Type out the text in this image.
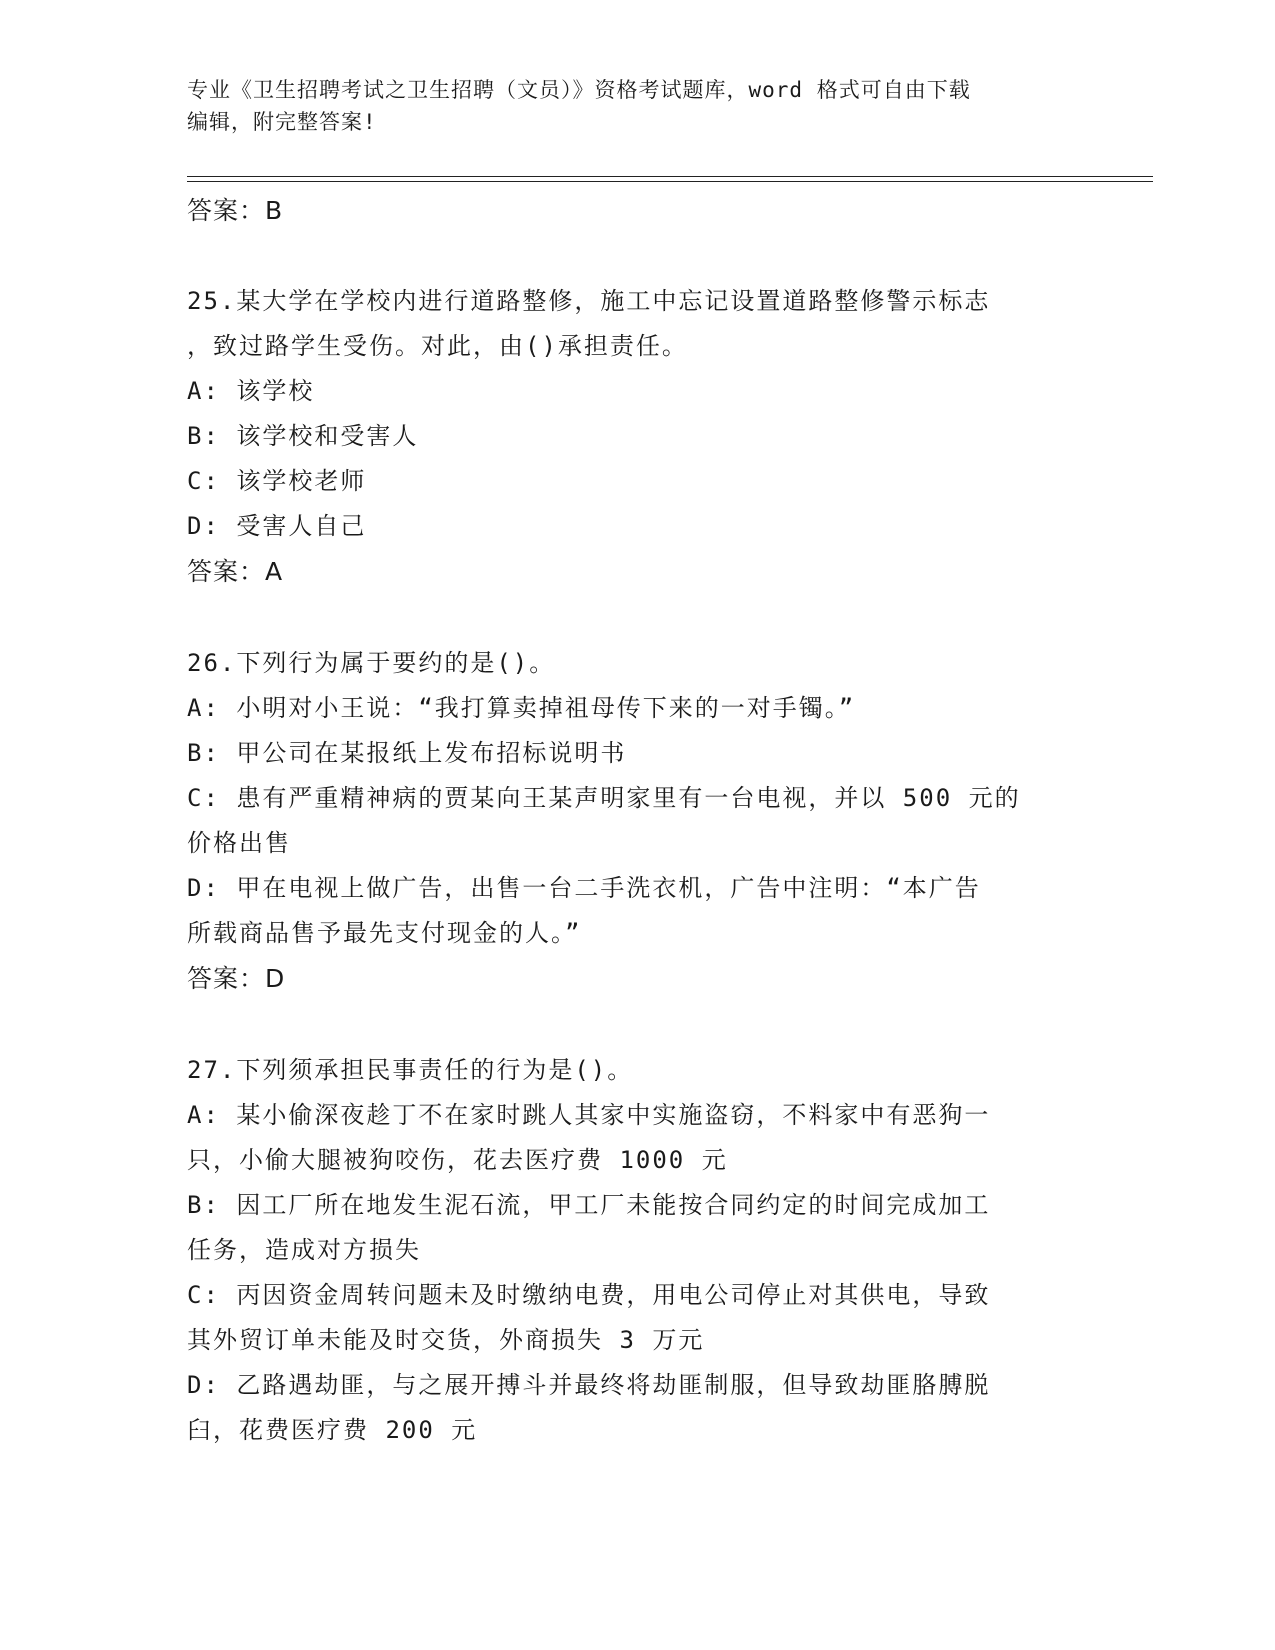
专业《卫生招聘考试之卫生招聘（文员）》资格考试题库，word 格式可自由下载

编辑，附完整答案!

答案：B

25.某大学在学校内进行道路整修，施工中忘记设置道路整修警示标志

，致过路学生受伤。对此，由()承担责任。

A: 该学校

B: 该学校和受害人

C: 该学校老师

D: 受害人自己

答案：A

26.下列行为属于要约的是()。

A: 小明对小王说：“我打算卖掉祖母传下来的一对手镯。”

B: 甲公司在某报纸上发布招标说明书

C: 患有严重精神病的贾某向王某声明家里有一台电视，并以 500 元的

价格出售

D: 甲在电视上做广告，出售一台二手洗衣机，广告中注明：“本广告

所载商品售予最先支付现金的人。”

答案：D

27.下列须承担民事责任的行为是()。

A: 某小偷深夜趁丁不在家时跳人其家中实施盗窃，不料家中有恶狗一

只，小偷大腿被狗咬伤，花去医疗费 1000 元

B: 因工厂所在地发生泥石流，甲工厂未能按合同约定的时间完成加工

任务，造成对方损失

C: 丙因资金周转问题未及时缴纳电费，用电公司停止对其供电，导致

其外贸订单未能及时交货，外商损失 3 万元

D: 乙路遇劫匪，与之展开搏斗并最终将劫匪制服，但导致劫匪胳膊脱

臼，花费医疗费 200 元
